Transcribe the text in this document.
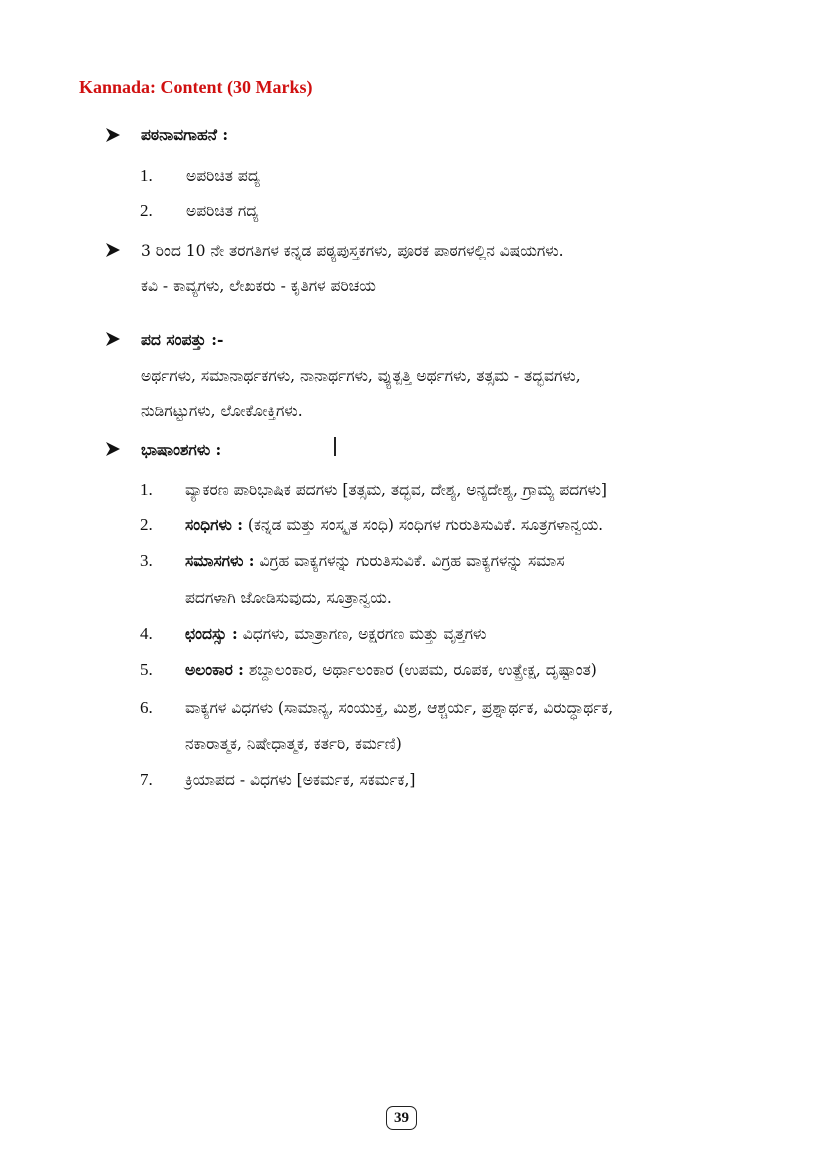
Kannada: Content (30 Marks)
ಪಠನಾವಗಾಹನೆ :
1. ಅಪರಿಚಿತ ಪದ್ಯ
2. ಅಪರಿಚಿತ ಗದ್ಯ
3 ರಿಂದ 10 ನೇ ತರಗತಿಗಳ ಕನ್ನಡ ಪಠ್ಯಪುಸ್ತಕಗಳು, ಪೂರಕ ಪಾಠಗಳಲ್ಲಿನ ವಿಷಯಗಳು.
ಕವಿ - ಕಾವ್ಯಗಳು, ಲೇಖಕರು - ಕೃತಿಗಳ ಪರಿಚಯ
ಪದ ಸಂಪತ್ತು :-
ಅರ್ಥಗಳು, ಸಮಾನಾರ್ಥಕಗಳು, ನಾನಾರ್ಥಗಳು, ವ್ಯುತ್ಪತ್ತಿ ಅರ್ಥಗಳು, ತತ್ಸಮ - ತದ್ಭವಗಳು,
ನುಡಿಗಟ್ಟುಗಳು, ಲೋಕೋಕ್ತಿಗಳು.
ಭಾಷಾಂಶಗಳು :
1. ವ್ಯಾಕರಣ ಪಾರಿಭಾಷಿಕ ಪದಗಳು [ತತ್ಸಮ, ತದ್ಭವ, ದೇಶ್ಯ, ಅನ್ಯದೇಶ್ಯ, ಗ್ರಾಮ್ಯ ಪದಗಳು]
2. ಸಂಧಿಗಳು : (ಕನ್ನಡ ಮತ್ತು ಸಂಸ್ಕೃತ ಸಂಧಿ) ಸಂಧಿಗಳ ಗುರುತಿಸುವಿಕೆ. ಸೂತ್ರಗಳಾನ್ವಯ.
3. ಸಮಾಸಗಳು : ವಿಗ್ರಹ ವಾಕ್ಯಗಳನ್ನು ಗುರುತಿಸುವಿಕೆ. ವಿಗ್ರಹ ವಾಕ್ಯಗಳನ್ನು ಸಮಾಸ
ಪದಗಳಾಗಿ ಜೋಡಿಸುವುದು, ಸೂತ್ರಾನ್ವಯ.
4. ಛಂದಸ್ಸು : ವಿಧಗಳು, ಮಾತ್ರಾಗಣ, ಅಕ್ಷರಗಣ ಮತ್ತು ವೃತ್ತಗಳು
5. ಅಲಂಕಾರ : ಶಬ್ದಾಲಂಕಾರ, ಅರ್ಥಾಲಂಕಾರ (ಉಪಮ, ರೂಪಕ, ಉತ್ಪ್ರೇಕ್ಷ, ದೃಷ್ಟಾಂತ)
6. ವಾಕ್ಯಗಳ ವಿಧಗಳು (ಸಾಮಾನ್ಯ, ಸಂಯುಕ್ತ, ಮಿಶ್ರ, ಆಶ್ಚರ್ಯ, ಪ್ರಶ್ನಾರ್ಥಕ, ವಿರುದ್ಧಾರ್ಥಕ,
ನಕಾರಾತ್ಮಕ, ನಿಷೇಧಾತ್ಮಕ, ಕರ್ತರಿ, ಕರ್ಮಣಿ)
7. ಕ್ರಿಯಾಪದ - ವಿಧಗಳು [ಅಕರ್ಮಕ, ಸಕರ್ಮಕ,]
39
